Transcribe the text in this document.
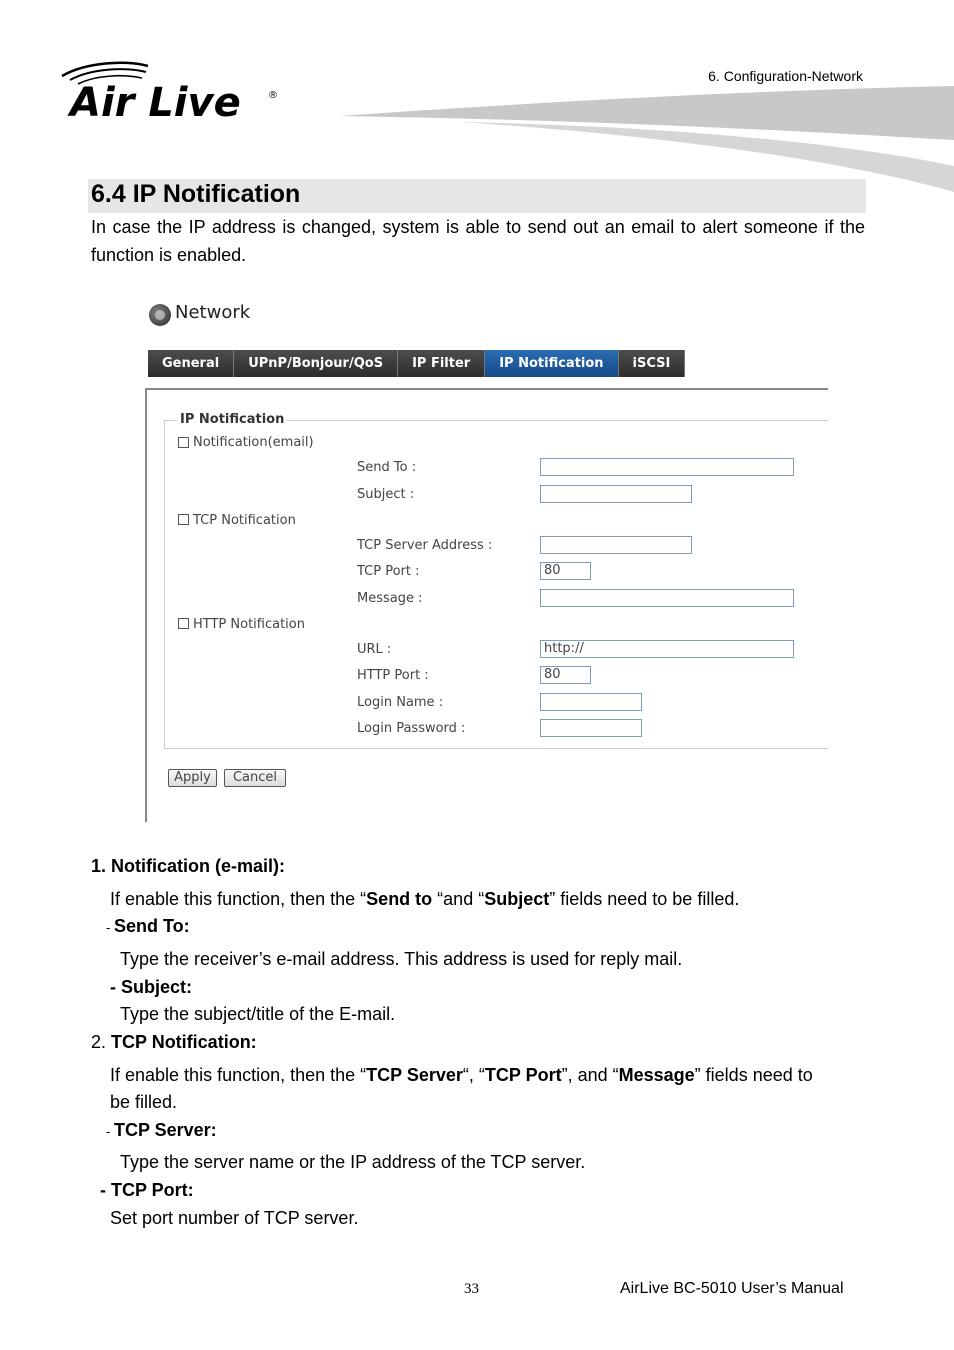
Air Live	®
6. Configuration-Network
6.4 IP Notification
In case the IP address is changed, system is able to send out an email to alert someone if the function is enabled.
Network
General	UPnP/Bonjour/QoS	IP Filter	IP Notification	iSCSI
IP Notification
Notification(email)
Send To :
Subject :
TCP Notification
TCP Server Address :
TCP Port :	80
Message :
HTTP Notification
URL :	http://
HTTP Port :	80
Login Name :
Login Password :
Apply	Cancel
1. Notification (e-mail):
If enable this function, then the “Send to “and “Subject” fields need to be filled.
- Send To:
Type the receiver’s e-mail address. This address is used for reply mail.
- Subject:
Type the subject/title of the E-mail.
2. TCP Notification:
If enable this function, then the “TCP Server“, “TCP Port”, and “Message” fields need to
be filled.
- TCP Server:
Type the server name or the IP address of the TCP server.
- TCP Port:
Set port number of TCP server.
33	AirLive BC-5010 User’s Manual
